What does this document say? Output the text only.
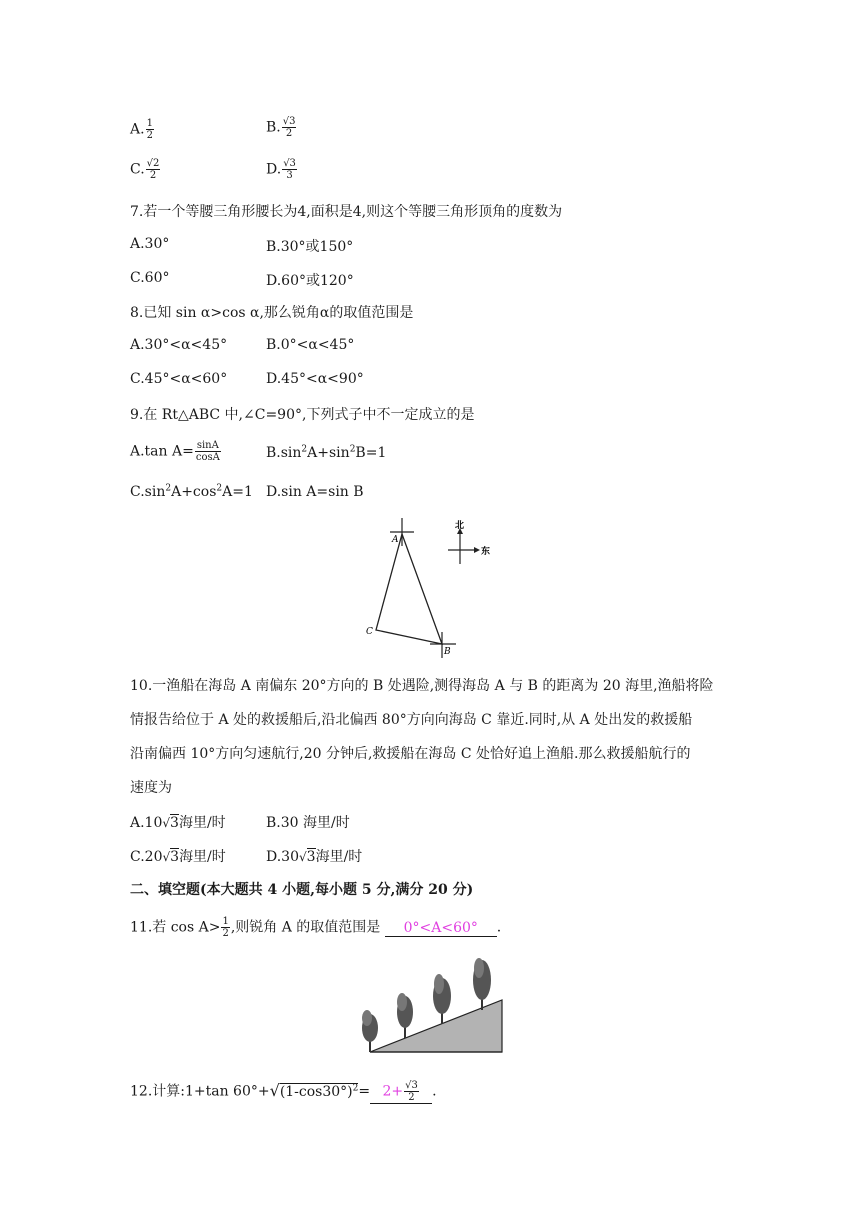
A. $\frac{1}{2}$	B. $\frac{√3}{2}$
C. $\frac{√2}{2}$	D. $\frac{√3}{3}$
7.若一个等腰三角形腰长为4,面积是4,则这个等腰三角形顶角的度数为
A.30°	B.30°或150°
C.60°	D.60°或120°
8.已知 sin α>cos α,那么锐角α的取值范围是
A.30°<α<45°	B.0°<α<45°
C.45°<α<60°	D.45°<α<90°
9.在 Rt△ABC 中,∠C=90°,下列式子中不一定成立的是
A.tan $A= \frac{\sin A}{\cos A}$	$B.\sin^2A+\sin^2B=1$
$C.\sin^2A+\cos^2A=1$ D.sin A=sin B
A
C
B
北
东
10.一渔船在海岛 A 南偏东 20°方向的 B 处遇险,测得海岛 A 与 B 的距离为 20 海里,渔船将险
情报告给位于 A 处的救援船后,沿北偏西 80°方向向海岛 C 靠近.同时,从 A 处出发的救援船
沿南偏西 10°方向匀速航行,20 分钟后,救援船在海岛 C 处恰好追上渔船.那么救援船航行的
速度为
A.10√3海里/时	B.30 海里/时
C.20√3海里/时	D.30√3海里/时
二、填空题(本大题共 4 小题,每小题 5 分,满分 20 分)
11.若 $\cos A> \frac{1}{2}$ ,则锐角 A 的取值范围是 0°<A<60° .
12.计算:1+tan $60^\circ+√(1-\cos 30^\circ)^2= 2+ \frac{√3}{2}$ .
